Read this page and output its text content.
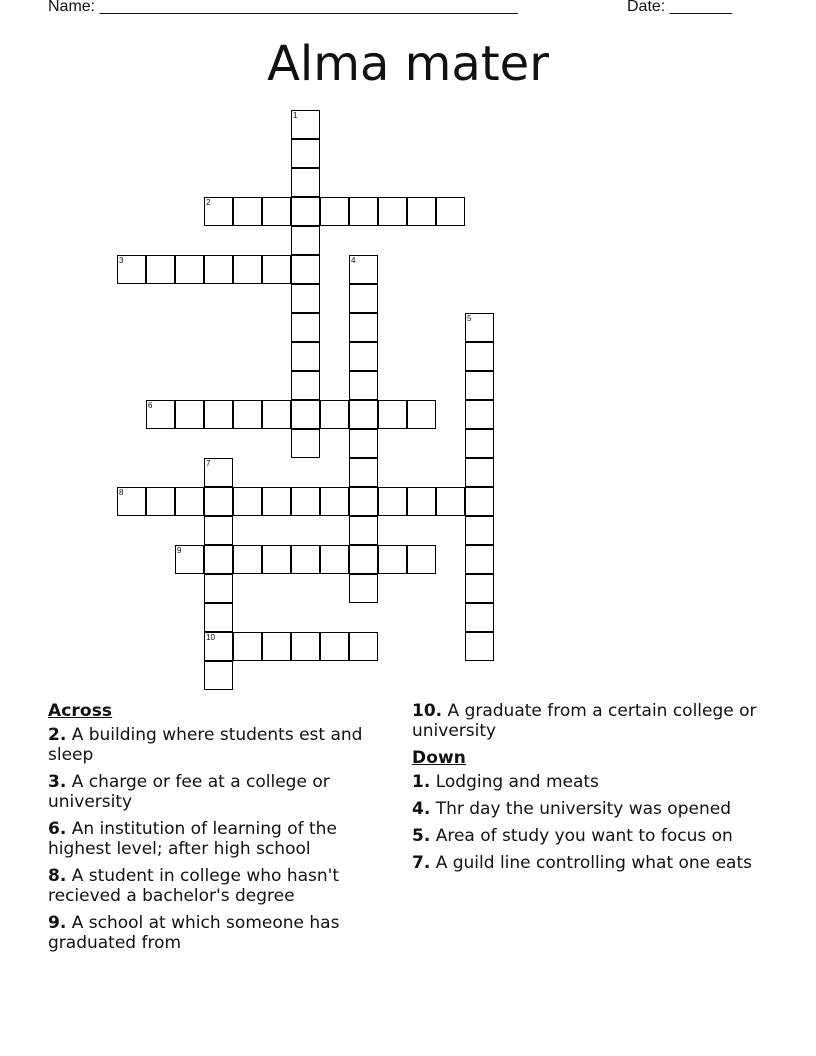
Name: _______________________________________________	Date: _______
Alma mater
1
2
3	4
5
6
7
10
8
9
Across
2. A building where students est and sleep
3. A charge or fee at a college or university
6. An institution of learning of the highest level; after high school
8. A student in college who hasn't recieved a bachelor's degree
9. A school at which someone has graduated from
10. A graduate from a certain college or university
Down
1. Lodging and meats
4. Thr day the university was opened
5. Area of study you want to focus on
7. A guild line controlling what one eats
